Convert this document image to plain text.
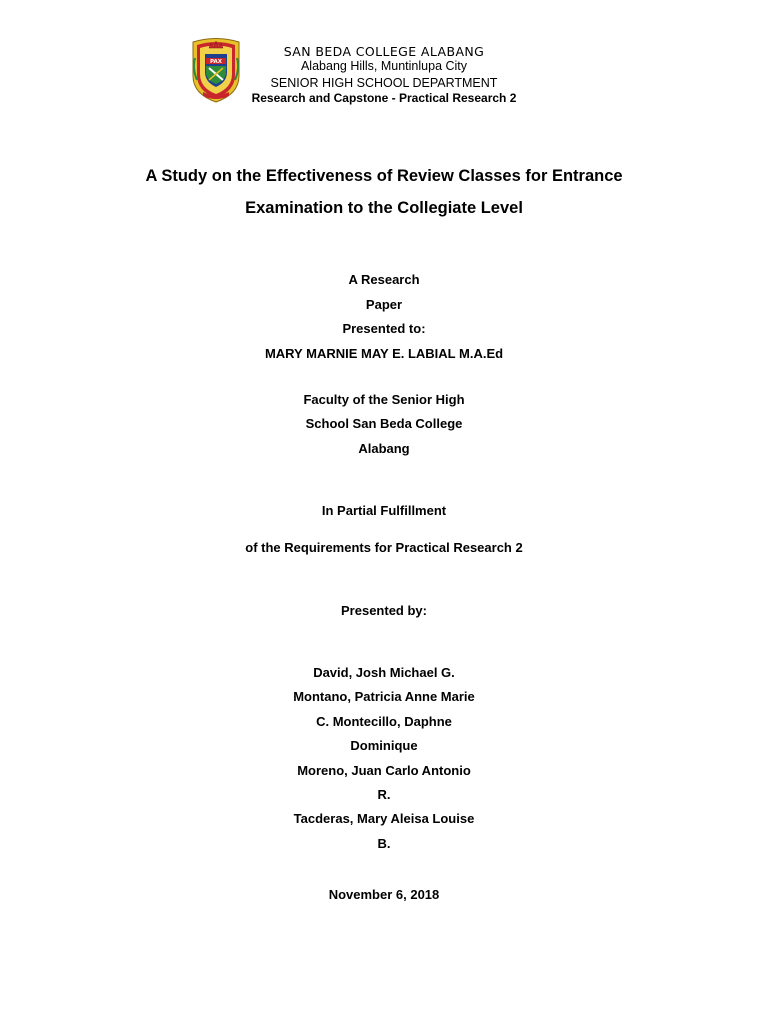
PAX
SAN BEDA COLLEGE ALABANG
Alabang Hills, Muntinlupa City
SENIOR HIGH SCHOOL DEPARTMENT
Research and Capstone - Practical Research 2
A Study on the Effectiveness of Review Classes for Entrance
Examination to the Collegiate Level
A Research
Paper
Presented to:
MARY MARNIE MAY E. LABIAL M.A.Ed
Faculty of the Senior High
School San Beda College
Alabang
In Partial Fulfillment
of the Requirements for Practical Research 2
Presented by:
David, Josh Michael G.
Montano, Patricia Anne Marie
C. Montecillo, Daphne
Dominique
Moreno, Juan Carlo Antonio
R.
Tacderas, Mary Aleisa Louise
B.
November 6, 2018
